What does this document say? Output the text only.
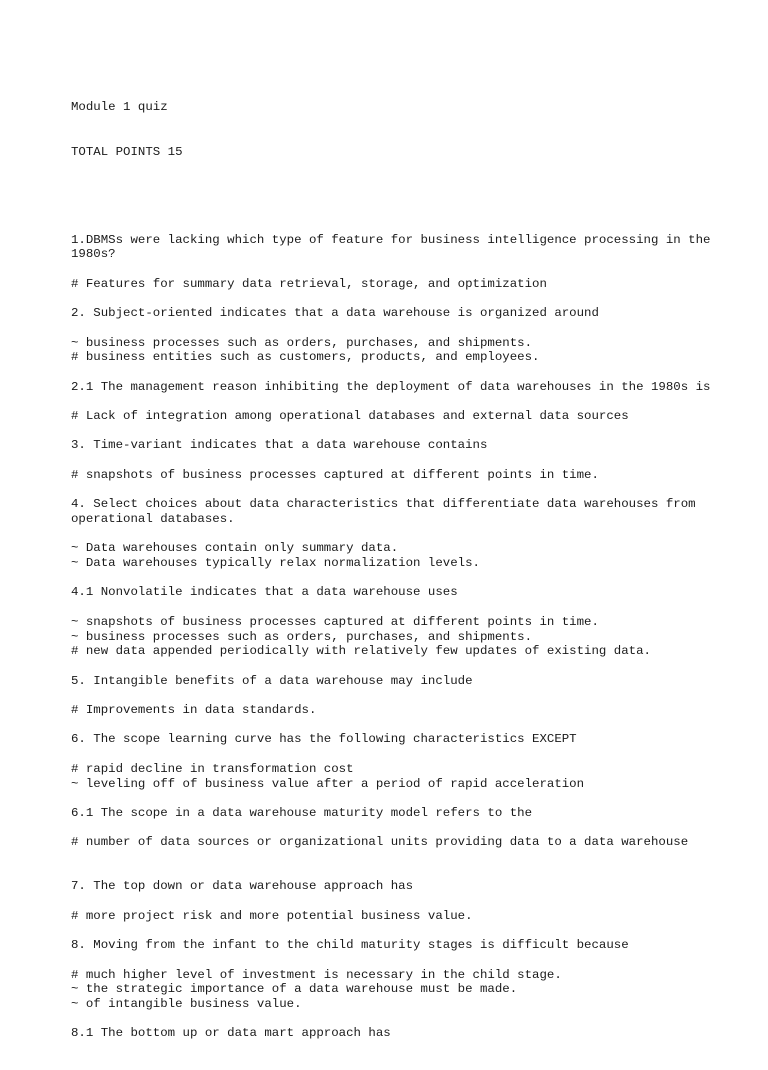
Module 1 quiz

TOTAL POINTS 15

1.DBMSs were lacking which type of feature for business intelligence processing in the 1980s?
# Features for summary data retrieval, storage, and optimization
2. Subject-oriented indicates that a data warehouse is organized around
~ business processes such as orders, purchases, and shipments.
# business entities such as customers, products, and employees.
2.1 The management reason inhibiting the deployment of data warehouses in the 1980s is
# Lack of integration among operational databases and external data sources
3. Time-variant indicates that a data warehouse contains
# snapshots of business processes captured at different points in time.
4. Select choices about data characteristics that differentiate data warehouses from operational databases.
~ Data warehouses contain only summary data.
~ Data warehouses typically relax normalization levels.
4.1 Nonvolatile indicates that a data warehouse uses
~ snapshots of business processes captured at different points in time.
~ business processes such as orders, purchases, and shipments.
# new data appended periodically with relatively few updates of existing data.
5. Intangible benefits of a data warehouse may include
# Improvements in data standards.
6. The scope learning curve has the following characteristics EXCEPT
# rapid decline in transformation cost
~ leveling off of business value after a period of rapid acceleration
6.1 The scope in a data warehouse maturity model refers to the
# number of data sources or organizational units providing data to a data warehouse
7. The top down or data warehouse approach has
# more project risk and more potential business value.
8. Moving from the infant to the child maturity stages is difficult because
# much higher level of investment is necessary in the child stage.
~ the strategic importance of a data warehouse must be made.
~ of intangible business value.
8.1 The bottom up or data mart approach has
